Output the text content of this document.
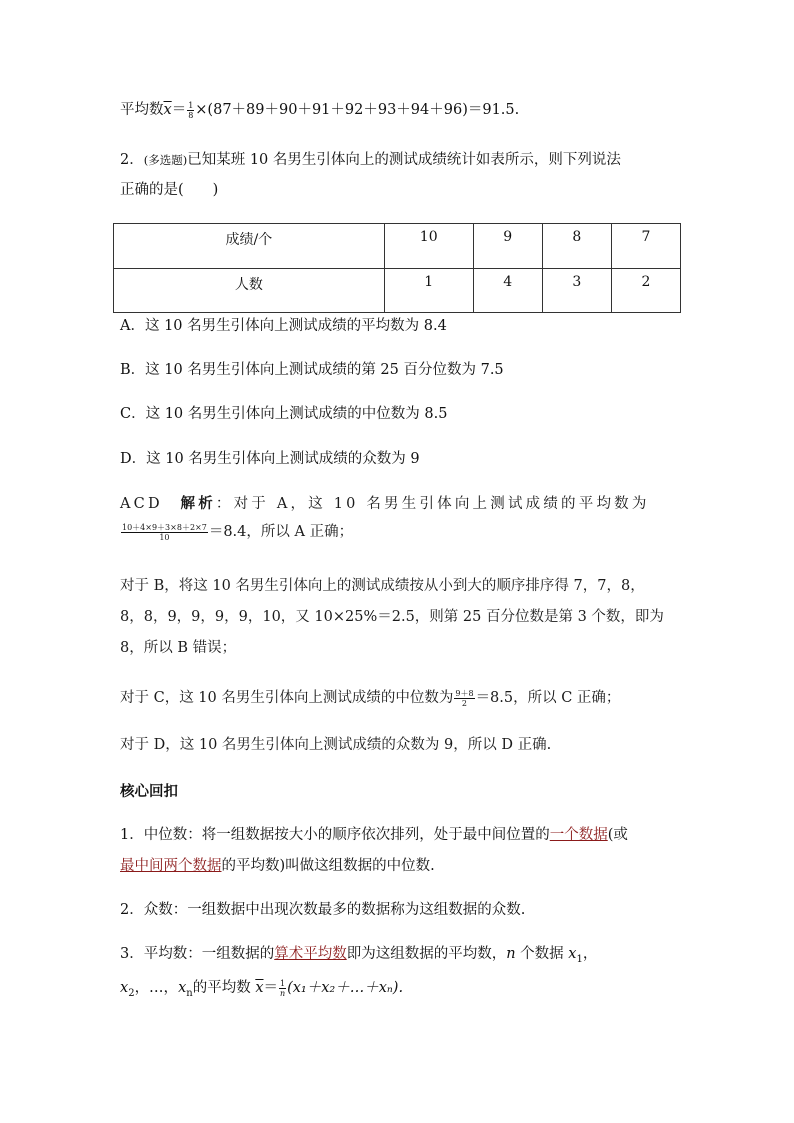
平均数$\overline{x}= \frac{1}{8} \times(87+89+90+91+92+93+94+96)=91.5$.
2．(多选题)已知某班 10 名男生引体向上的测试成绩统计如表所示，则下列说法
正确的是(　　)
成绩/个	10	9	8	7
人数	1	4	3	2
A．这 10 名男生引体向上测试成绩的平均数为 8.4
B．这 10 名男生引体向上测试成绩的第 25 百分位数为 7.5
C．这 10 名男生引体向上测试成绩的中位数为 8.5
D．这 10 名男生引体向上测试成绩的众数为 9
ACD　 解析：对于 A，这 10 名男生引体向上测试成绩的平均数为
$\frac{10+4\times 9+3\times 8+2\times 7}{10} =8.4$，所以 A 正确；
对于 B，将这 10 名男生引体向上的测试成绩按从小到大的顺序排序得 7，7，8，
8，8，9，9，9，9，10，又 10×25%＝2.5，则第 25 百分位数是第 3 个数，即为
8，所以 B 错误；
对于 C，这 10 名男生引体向上测试成绩的中位数为 $\frac{9+8}{2} =8.5$，所以 C 正确；
对于 D，这 10 名男生引体向上测试成绩的众数为 9，所以 D 正确.
核心回扣
1．中位数：将一组数据按大小的顺序依次排列，处于最中间位置的一个数据(或
最中间两个数据的平均数)叫做这组数据的中位数.
2．众数：一组数据中出现次数最多的数据称为这组数据的众数.
3．平均数：一组数据的算术平均数即为这组数据的平均数，n 个数据 $x_1$，
$x_2$，…，$x_n$的平均数 $\overline{x}= \frac{1}{n}$ (x₁＋x₂＋…＋xₙ).
